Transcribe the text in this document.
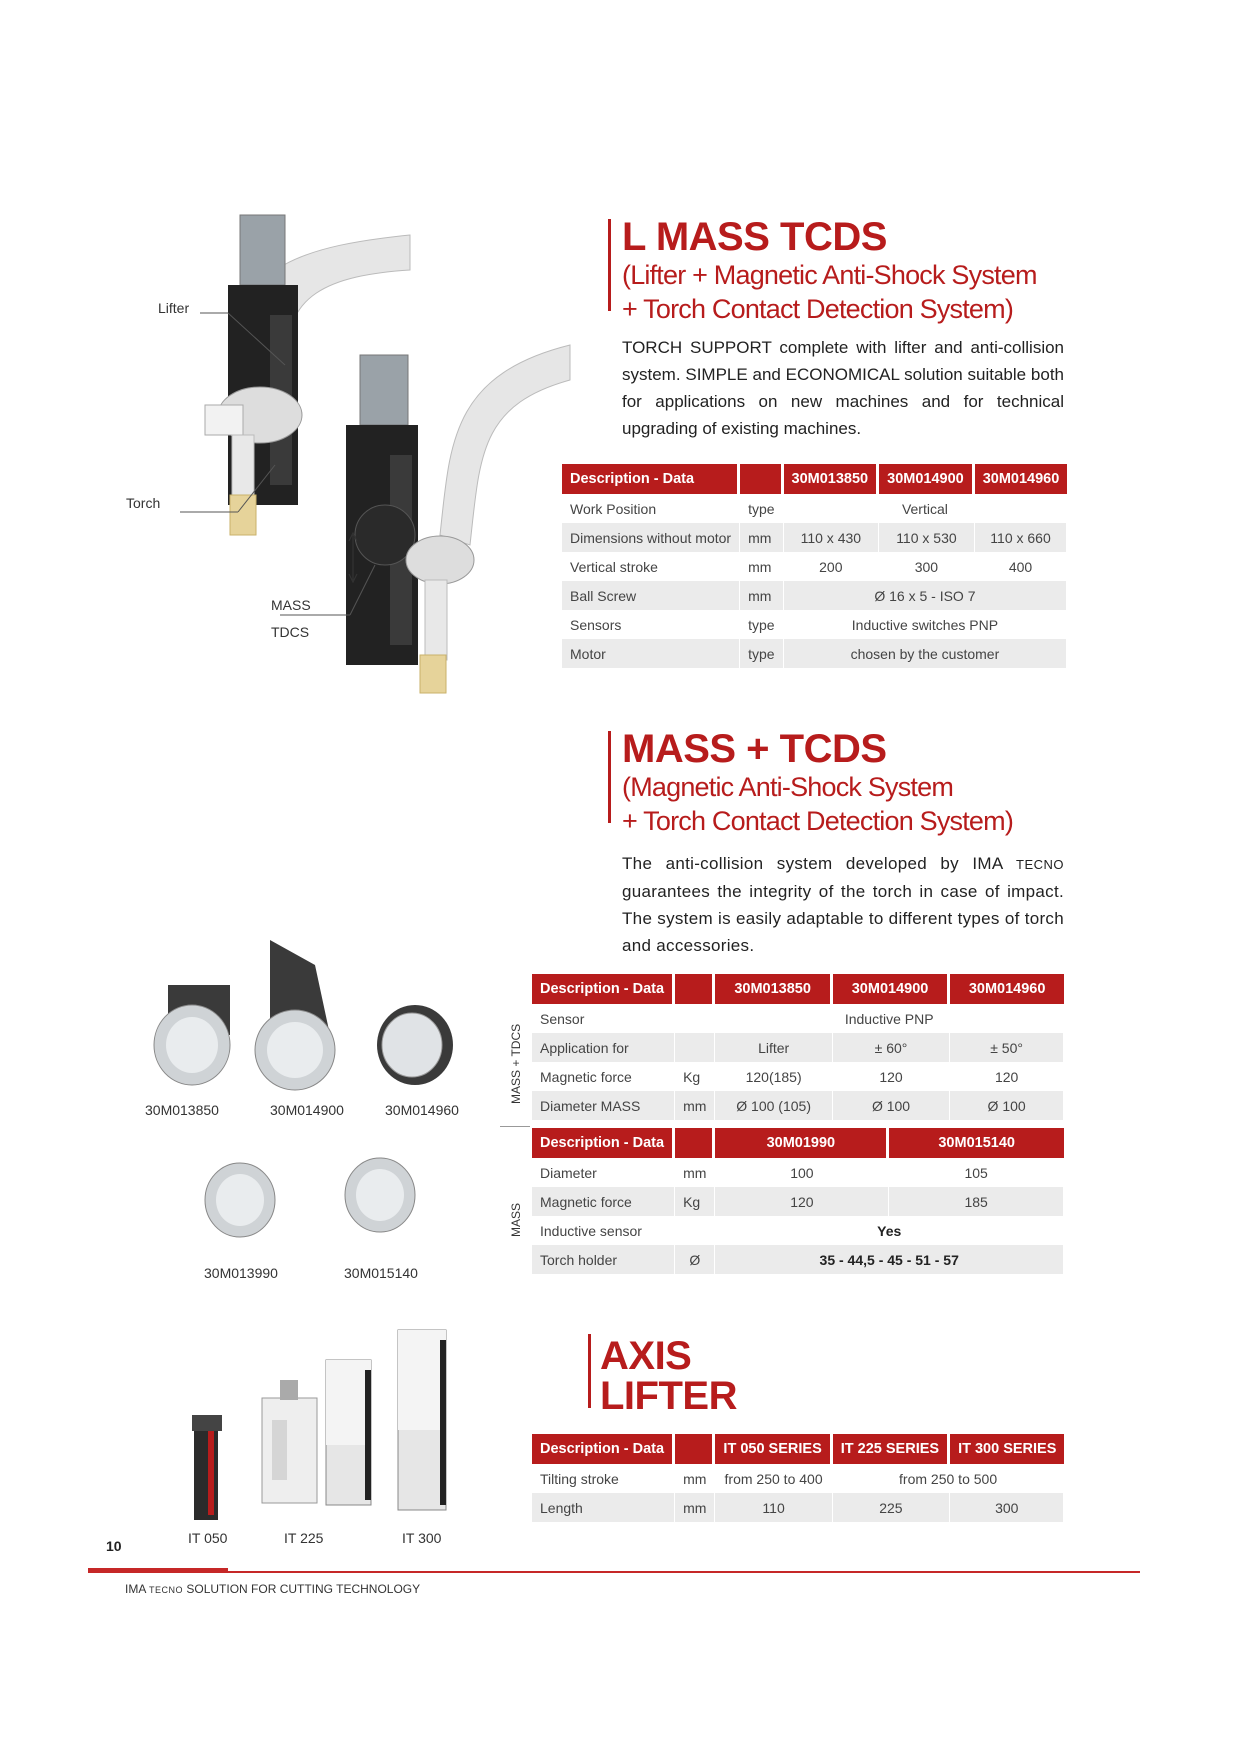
L MASS TCDS
(Lifter + Magnetic Anti-Shock System
+ Torch Contact Detection System)
TORCH SUPPORT complete with lifter and anti-collision system. SIMPLE and ECONOMICAL solution suitable both for applications on new machines and for technical upgrading of existing machines.
Lifter
Torch
MASS
TDCS
Description - Data		30M013850	30M014900	30M014960
Work Position	type	Vertical		
Dimensions without motor	mm	110 x 430	110 x 530	110 x 660
Vertical stroke	mm	200	300	400
Ball Screw	mm	Ø 16 x 5 - ISO 7		
Sensors	type	Inductive switches PNP		
Motor	type	chosen by the customer		
MASS + TCDS
(Magnetic Anti-Shock System
+ Torch Contact Detection System)
The anti-collision system developed by IMA TECNO guarantees the integrity of the torch in case of impact. The system is easily adaptable to different types of torch and accessories.
30M013850	30M014900	30M014960
30M013990	30M015140
MASS + TDCS
MASS
Description - Data		30M013850	30M014900	30M014960
Sensor		Inductive PNP		
Application for		Lifter	± 60°	± 50°
Magnetic force	Kg	120(185)	120	120
Diameter MASS	mm	Ø 100 (105)	Ø 100	Ø 100
Description - Data		30M01990	30M015140
Diameter	mm	100	105
Magnetic force	Kg	120	185
Inductive sensor		Yes	
Torch holder	Ø	35 - 44,5 - 45 - 51 - 57	
AXIS
LIFTER
IT 050	IT 225	IT 300
Description - Data		IT 050 SERIES	IT 225 SERIES	IT 300 SERIES
Tilting stroke	mm	from 250 to 400	from 250 to 500	
Length	mm	110	225	300
10
IMA TECNO SOLUTION FOR CUTTING TECHNOLOGY
